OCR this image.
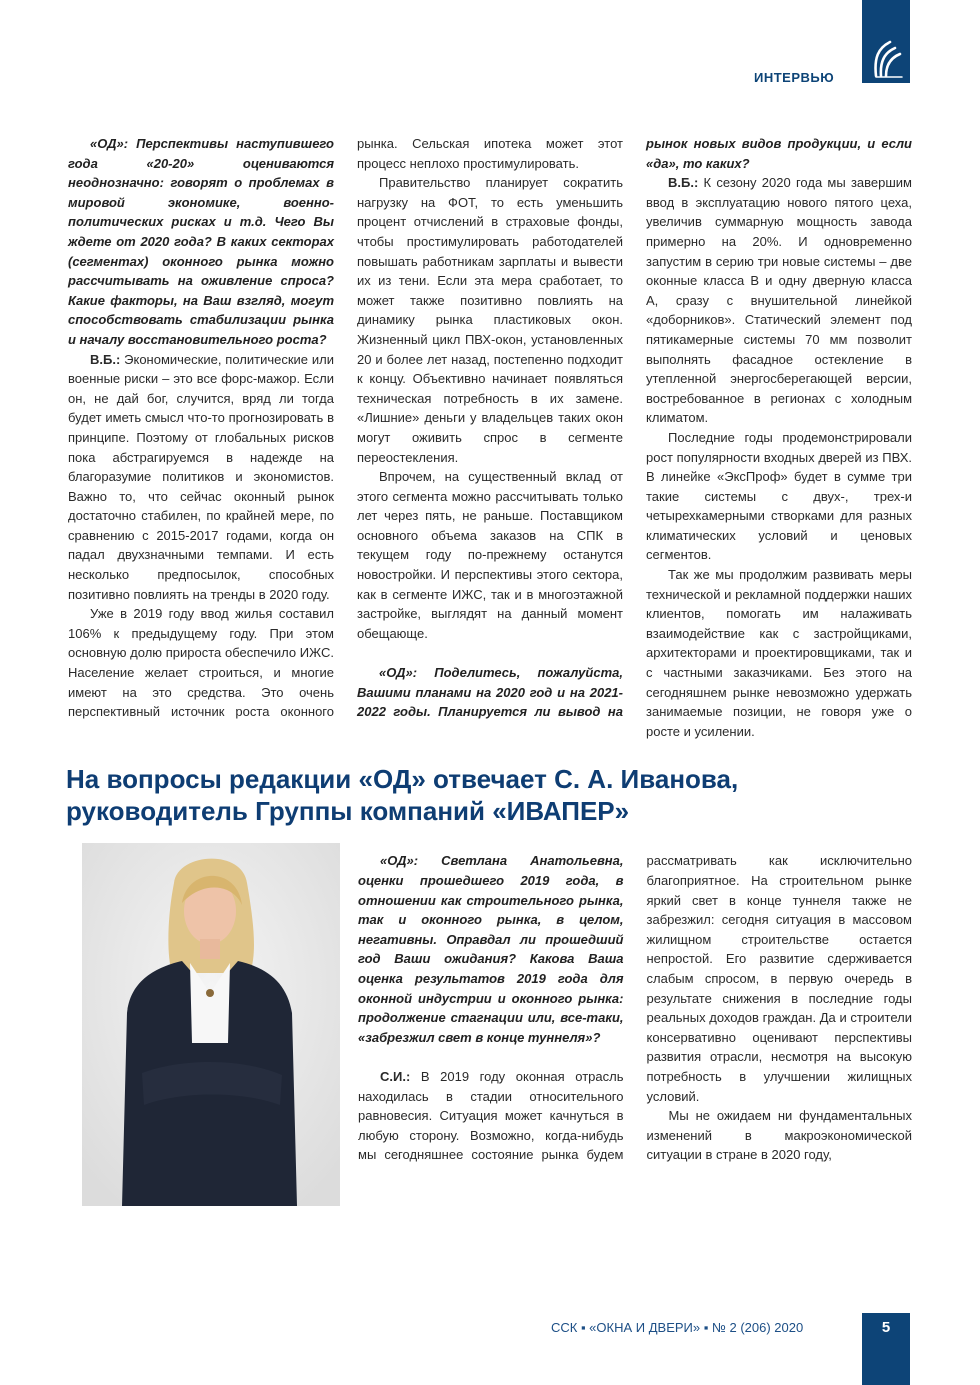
ИНТЕРВЬЮ

«ОД»: Перспективы наступившего года «20-20» оцениваются неоднозначно: говорят о проблемах в мировой экономике, военно-политических рисках и т.д. Чего Вы ждете от 2020 года? В каких секторах (сегментах) оконного рынка можно рассчитывать на оживление спроса? Какие факторы, на Ваш взгляд, могут способствовать стабилизации рынка и началу восстановительного роста?

В.Б.: Экономические, политические или военные риски – это все форс-мажор. Если он, не дай бог, случится, вряд ли тогда будет иметь смысл что-то прогнозировать в принципе. Поэтому от глобальных рисков пока абстрагируемся в надежде на благоразумие политиков и экономистов. Важно то, что сейчас оконный рынок достаточно стабилен, по крайней мере, по сравнению с 2015-2017 годами, когда он падал двухзначными темпами. И есть несколько предпосылок, способных позитивно повлиять на тренды в 2020 году.

Уже в 2019 году ввод жилья составил 106% к предыдущему году. При этом основную долю прироста обеспечило ИЖС. Население желает строиться, и многие имеют на это средства. Это очень перспективный источник роста оконного рынка. Сельская ипотека может этот процесс неплохо простимулировать.

Правительство планирует сократить нагрузку на ФОТ, то есть уменьшить процент отчислений в страховые фонды, чтобы простимулировать работодателей повышать работникам зарплаты и вывести их из тени. Если эта мера сработает, то может также позитивно повлиять на динамику рынка пластиковых окон. Жизненный цикл ПВХ-окон, установленных 20 и более лет назад, постепенно подходит к концу. Объективно начинает появляться техническая потребность в их замене. «Лишние» деньги у владельцев таких окон могут оживить спрос в сегменте переостекления.

Впрочем, на существенный вклад от этого сегмента можно рассчитывать только лет через пять, не раньше. Поставщиком основного объема заказов на СПК в текущем году по-прежнему останутся новостройки. И перспективы этого сектора, как в сегменте ИЖС, так и в многоэтажной застройке, выглядят на данный момент обещающе.

«ОД»: Поделитесь, пожалуйста, Вашими планами на 2020 год и на 2021-2022 годы. Планируется ли вывод на рынок новых видов продукции, и если «да», то каких?

В.Б.: К сезону 2020 года мы завершим ввод в эксплуатацию нового пятого цеха, увеличив суммарную мощность завода примерно на 20%. И одновременно запустим в серию три новые системы – две оконные класса В и одну дверную класса А, сразу с внушительной линейкой «доборников». Статический элемент под пятикамерные системы 70 мм позволит выполнять фасадное остекление в утепленной энергосберегающей версии, востребованное в регионах с холодным климатом.

Последние годы продемонстрировали рост популярности входных дверей из ПВХ. В линейке «ЭксПроф» будет в сумме три такие системы с двух-, трех-и четырехкамерными створками для разных климатических условий и ценовых сегментов.

Так же мы продолжим развивать меры технической и рекламной поддержки наших клиентов, помогать им налаживать взаимодействие как с застройщиками, архитекторами и проектировщиками, так и с частными заказчиками. Без этого на сегодняшнем рынке невозможно удержать занимаемые позиции, не говоря уже о росте и усилении.

На вопросы редакции «ОД» отвечает С. А. Иванова,
руководитель Группы компаний «ИВАПЕР»

«ОД»: Светлана Анатольевна, оценки прошедшего 2019 года, в отношении как строительного рынка, так и оконного рынка, в целом, негативны. Оправдал ли прошедший год Ваши ожидания? Какова Ваша оценка результатов 2019 года для оконной индустрии и оконного рынка: продолжение стагнации или, все-таки, «забрезжил свет в конце туннеля»?

С.И.: В 2019 году оконная отрасль находилась в стадии относительного равновесия. Ситуация может качнуться в любую сторону. Возможно, когда-нибудь мы сегодняшнее состояние рынка будем рассматривать как исключительно благоприятное. На строительном рынке яркий свет в конце туннеля также не забрезжил: сегодня ситуация в массовом жилищном строительстве остается непростой. Его развитие сдерживается слабым спросом, в первую очередь в результате снижения в последние годы реальных доходов граждан. Да и строители консервативно оценивают перспективы развития отрасли, несмотря на высокую потребность в улучшении жилищных условий.

Мы не ожидаем ни фундаментальных изменений в макроэкономической ситуации в стране в 2020 году,

ССК ▪ «ОКНА И ДВЕРИ» ▪ № 2 (206) 2020	5
